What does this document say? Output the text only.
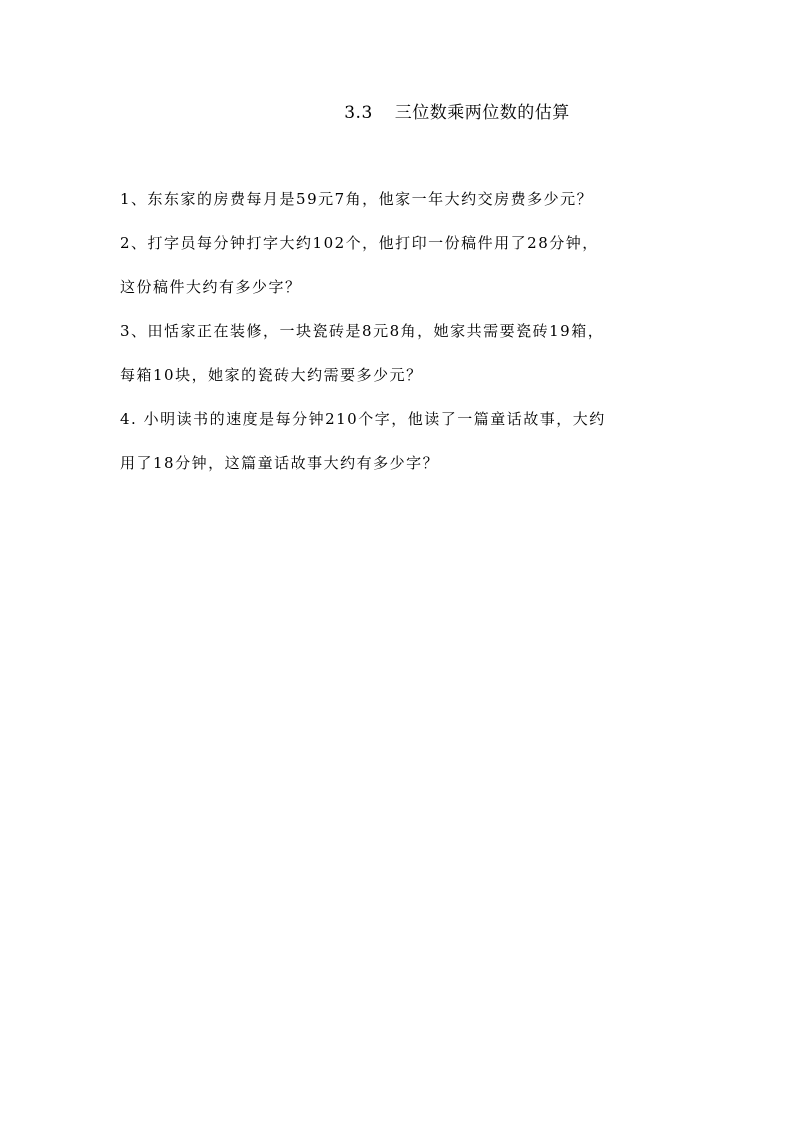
3.3 三位数乘两位数的估算
1、东东家的房费每月是59元7角，他家一年大约交房费多少元？
2、打字员每分钟打字大约102个，他打印一份稿件用了28分钟，
这份稿件大约有多少字？
3、田恬家正在装修，一块瓷砖是8元8角，她家共需要瓷砖19箱，
每箱10块，她家的瓷砖大约需要多少元？
4. 小明读书的速度是每分钟210个字，他读了一篇童话故事，大约
用了18分钟，这篇童话故事大约有多少字？
